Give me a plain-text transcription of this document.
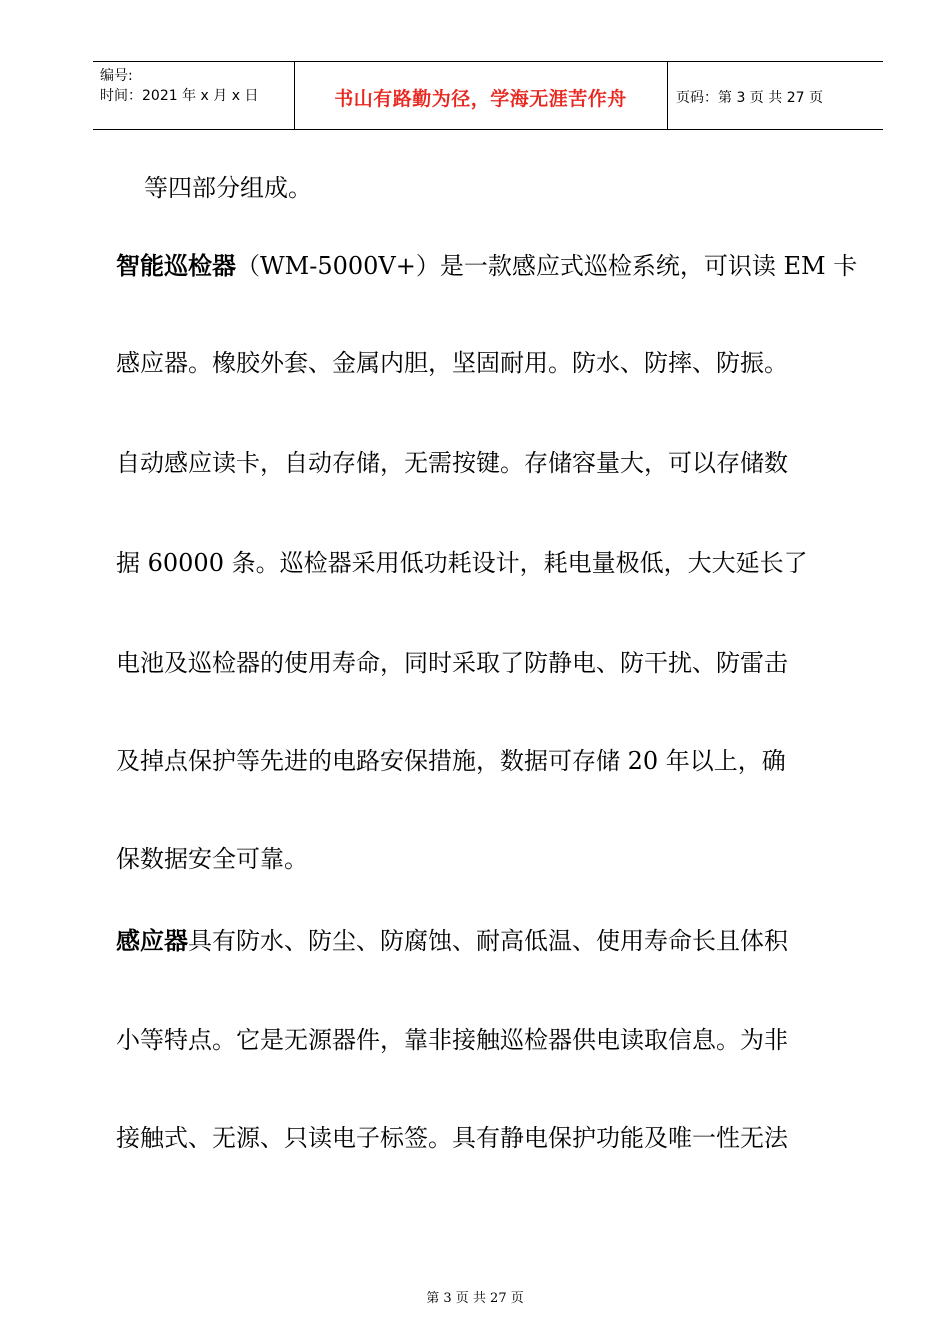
编号:
时间：2021 年 x 月 x 日	书山有路勤为径，学海无涯苦作舟	页码：第 3 页 共 27 页
等四部分组成。
智能巡检器（WM-5000V+）是一款感应式巡检系统，可识读 EM 卡
感应器。橡胶外套、金属内胆，坚固耐用。防水、防摔、防振。
自动感应读卡，自动存储，无需按键。存储容量大，可以存储数
据 60000 条。巡检器采用低功耗设计，耗电量极低，大大延长了
电池及巡检器的使用寿命，同时采取了防静电、防干扰、防雷击
及掉点保护等先进的电路安保措施，数据可存储 20 年以上，确
保数据安全可靠。
感应器具有防水、防尘、防腐蚀、耐高低温、使用寿命长且体积
小等特点。它是无源器件，靠非接触巡检器供电读取信息。为非
接触式、无源、只读电子标签。具有静电保护功能及唯一性无法
第 3 页 共 27 页
